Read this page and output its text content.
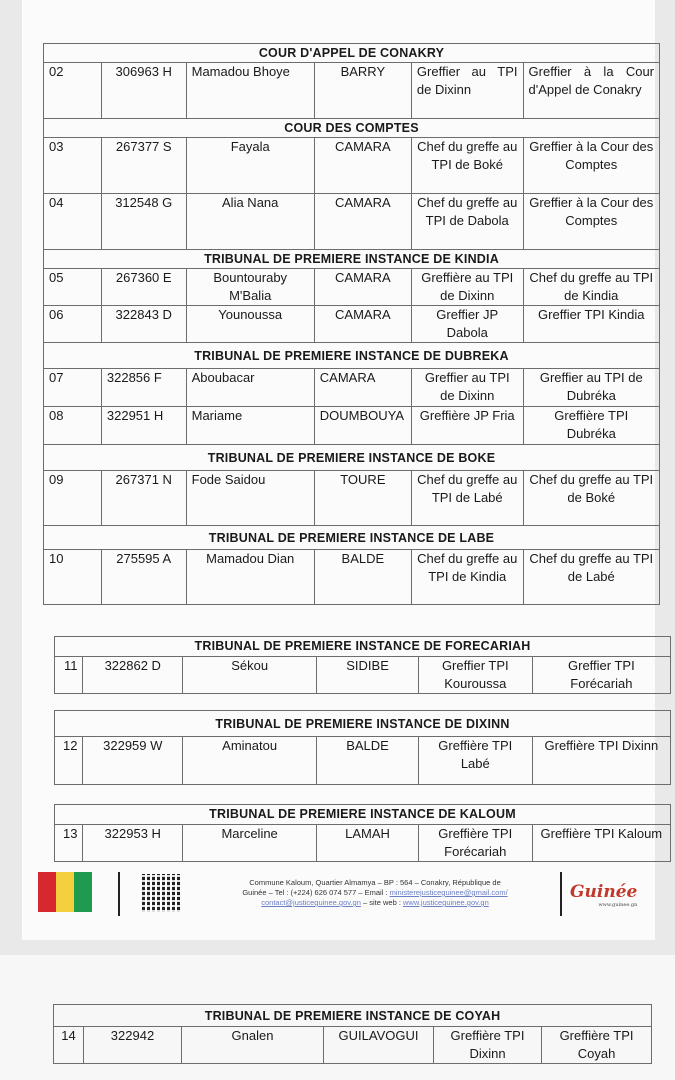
COUR D'APPEL DE CONAKRY					
02	306963 H	Mamadou Bhoye	BARRY	Greffier au TPI de Dixinn	Greffier à la Cour d'Appel de Conakry
COUR DES COMPTES					
03	267377 S	Fayala	CAMARA	Chef du greffe au TPI de Boké	Greffier à la Cour des Comptes
04	312548 G	Alia Nana	CAMARA	Chef du greffe au TPI de Dabola	Greffier à la Cour des Comptes
TRIBUNAL DE PREMIERE INSTANCE DE KINDIA					
05	267360 E	Bountouraby M'Balia	CAMARA	Greffière au TPI de Dixinn	Chef du greffe au TPI de Kindia
06	322843 D	Younoussa	CAMARA	Greffier JP Dabola	Greffier TPI Kindia
TRIBUNAL DE PREMIERE INSTANCE DE DUBREKA					
07	322856 F	Aboubacar	CAMARA	Greffier au TPI de Dixinn	Greffier au TPI de Dubréka
08	322951 H	Mariame	DOUMBOUYA	Greffière JP Fria	Greffière TPI Dubréka
TRIBUNAL DE PREMIERE INSTANCE DE BOKE					
09	267371 N	Fode Saidou	TOURE	Chef du greffe au TPI de Labé	Chef du greffe au TPI de Boké
TRIBUNAL DE PREMIERE INSTANCE DE LABE					
10	275595 A	Mamadou Dian	BALDE	Chef du greffe au TPI de Kindia	Chef du greffe au TPI de Labé
TRIBUNAL DE PREMIERE INSTANCE DE FORECARIAH
11	322862 D	Sékou	SIDIBE	Greffier TPI Kouroussa	Greffier TPI Forécariah
TRIBUNAL DE PREMIERE INSTANCE DE DIXINN
12	322959 W	Aminatou	BALDE	Greffière TPI Labé	Greffière TPI Dixinn
TRIBUNAL DE PREMIERE INSTANCE DE KALOUM
13	322953 H	Marceline	LAMAH	Greffière TPI Forécariah	Greffière TPI Kaloum
Commune Kaloum, Quartier Almamya – BP : 564 – Conakry, République de
Guinée – Tel : (+224) 626 074 577 – Email : ministerejusticeguinee@gmail.com/
contact@justiceguinee.gov.gn – site web : www.justiceguinee.gov.gn
Guinée
www.guinee.gn
TRIBUNAL DE PREMIERE INSTANCE DE COYAH
14	322942	Gnalen	GUILAVOGUI	Greffière TPI Dixinn	Greffière TPI Coyah
